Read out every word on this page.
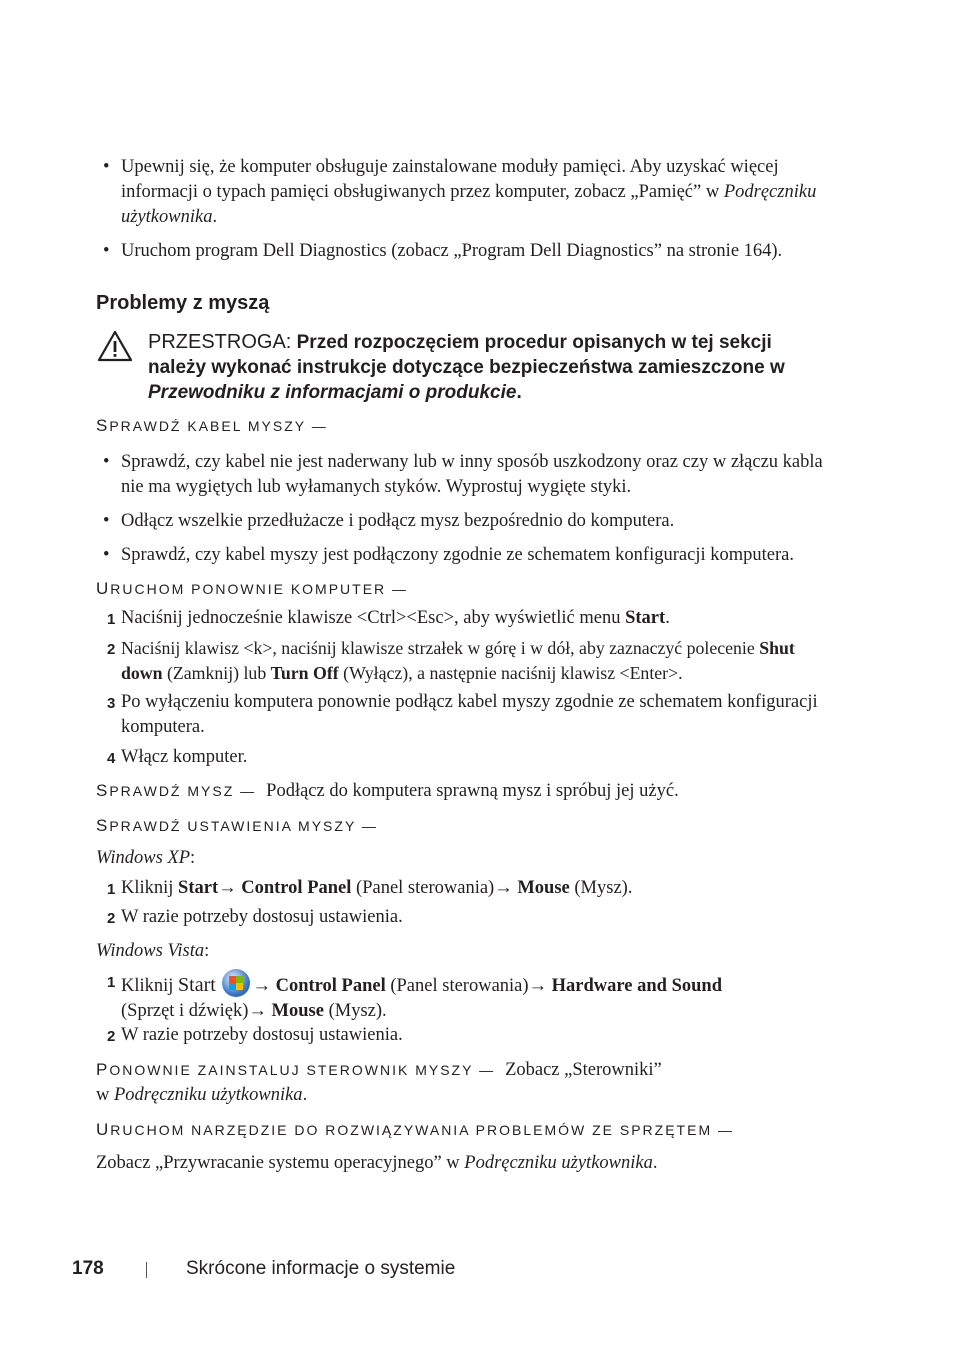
• Upewnij się, że komputer obsługuje zainstalowane moduły pamięci. Aby uzyskać więcej informacji o typach pamięci obsługiwanych przez komputer, zobacz „Pamięć” w Podręczniku użytkownika.
• Uruchom program Dell Diagnostics (zobacz „Program Dell Diagnostics” na stronie 164).
Problemy z myszą
PRZESTROGA: Przed rozpoczęciem procedur opisanych w tej sekcji należy wykonać instrukcje dotyczące bezpieczeństwa zamieszczone w Przewodniku z informacjami o produkcie.
SPRAWDŹ KABEL MYSZY —
• Sprawdź, czy kabel nie jest naderwany lub w inny sposób uszkodzony oraz czy w złączu kabla nie ma wygiętych lub wyłamanych styków. Wyprostuj wygięte styki.
• Odłącz wszelkie przedłużacze i podłącz mysz bezpośrednio do komputera.
• Sprawdź, czy kabel myszy jest podłączony zgodnie ze schematem konfiguracji komputera.
URUCHOM PONOWNIE KOMPUTER —
1 Naciśnij jednocześnie klawisze <Ctrl><Esc>, aby wyświetlić menu Start.
2 Naciśnij klawisz <k>, naciśnij klawisze strzałek w górę i w dół, aby zaznaczyć polecenie Shut down (Zamknij) lub Turn Off (Wyłącz), a następnie naciśnij klawisz <Enter>.
3 Po wyłączeniu komputera ponownie podłącz kabel myszy zgodnie ze schematem konfiguracji komputera.
4 Włącz komputer.
SPRAWDŹ MYSZ — Podłącz do komputera sprawną mysz i spróbuj jej użyć.
SPRAWDŹ USTAWIENIA MYSZY —
Windows XP:
1 Kliknij Start→ Control Panel (Panel sterowania)→ Mouse (Mysz).
2 W razie potrzeby dostosuj ustawienia.
Windows Vista:
1 Kliknij Start → Control Panel (Panel sterowania)→ Hardware and Sound
(Sprzęt i dźwięk)→ Mouse (Mysz).
2 W razie potrzeby dostosuj ustawienia.
PONOWNIE ZAINSTALUJ STEROWNIK MYSZY — Zobacz „Sterowniki”
w Podręczniku użytkownika.
URUCHOM NARZĘDZIE DO ROZWIĄZYWANIA PROBLEMÓW ZE SPRZĘTEM —
Zobacz „Przywracanie systemu operacyjnego” w Podręczniku użytkownika.
178	Skrócone informacje o systemie
